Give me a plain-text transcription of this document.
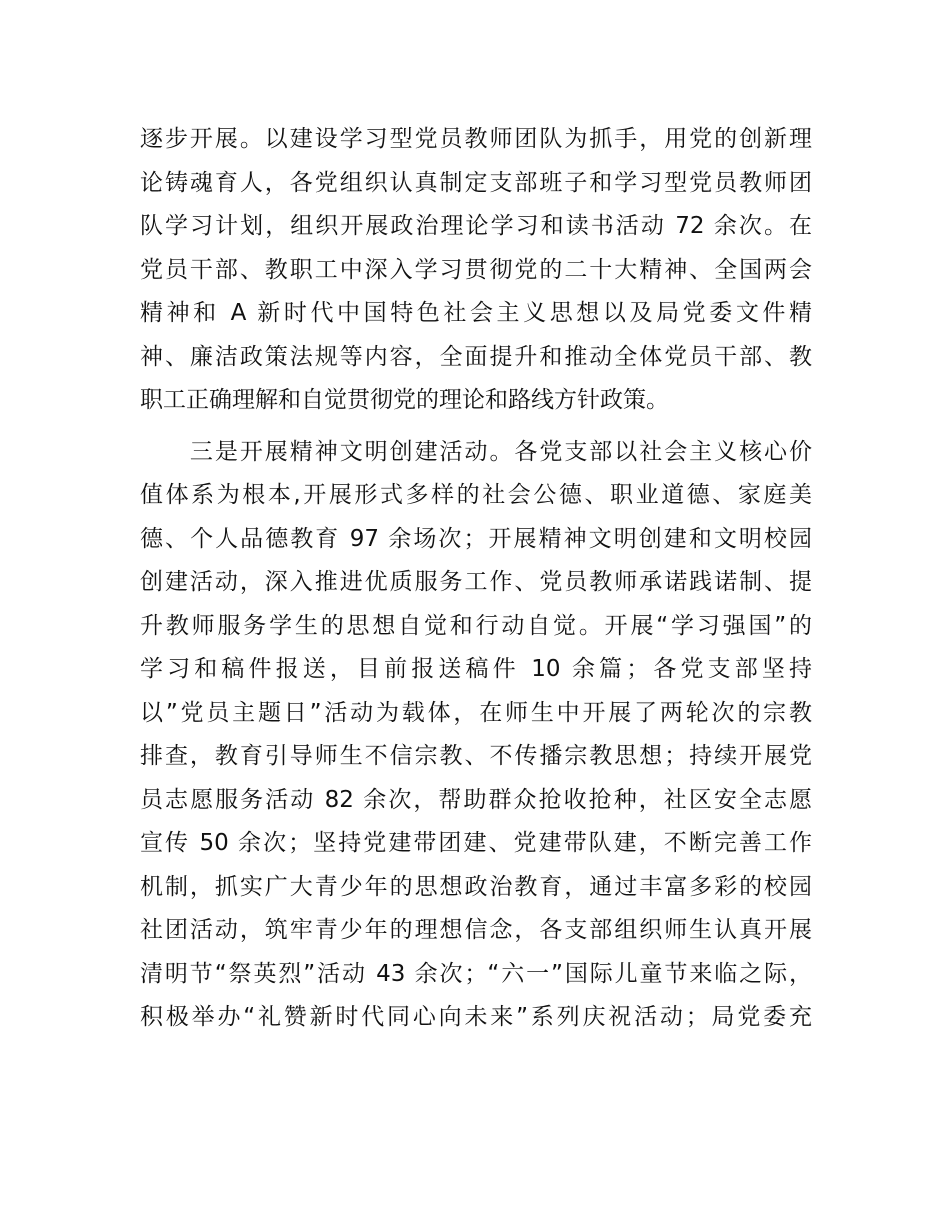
逐步开展。以建设学习型党员教师团队为抓手，用党的创新理
论铸魂育人，各党组织认真制定支部班子和学习型党员教师团
队学习计划，组织开展政治理论学习和读书活动 72 余次。在
党员干部、教职工中深入学习贯彻党的二十大精神、全国两会
精神和 A 新时代中国特色社会主义思想以及局党委文件精
神、廉洁政策法规等内容，全面提升和推动全体党员干部、教
职工正确理解和自觉贯彻党的理论和路线方针政策。
　　三是开展精神文明创建活动。各党支部以社会主义核心价
值体系为根本,开展形式多样的社会公德、职业道德、家庭美
德、个人品德教育 97 余场次；开展精神文明创建和文明校园
创建活动，深入推进优质服务工作、党员教师承诺践诺制、提
升教师服务学生的思想自觉和行动自觉。开展“学习强国”的
学习和稿件报送，目前报送稿件 10 余篇；各党支部坚持
以”党员主题日”活动为载体，在师生中开展了两轮次的宗教
排查，教育引导师生不信宗教、不传播宗教思想；持续开展党
员志愿服务活动 82 余次，帮助群众抢收抢种，社区安全志愿
宣传 50 余次；坚持党建带团建、党建带队建，不断完善工作
机制，抓实广大青少年的思想政治教育，通过丰富多彩的校园
社团活动，筑牢青少年的理想信念，各支部组织师生认真开展
清明节“祭英烈”活动 43 余次；“六一”国际儿童节来临之际，
积极举办“礼赞新时代同心向未来”系列庆祝活动；局党委充
